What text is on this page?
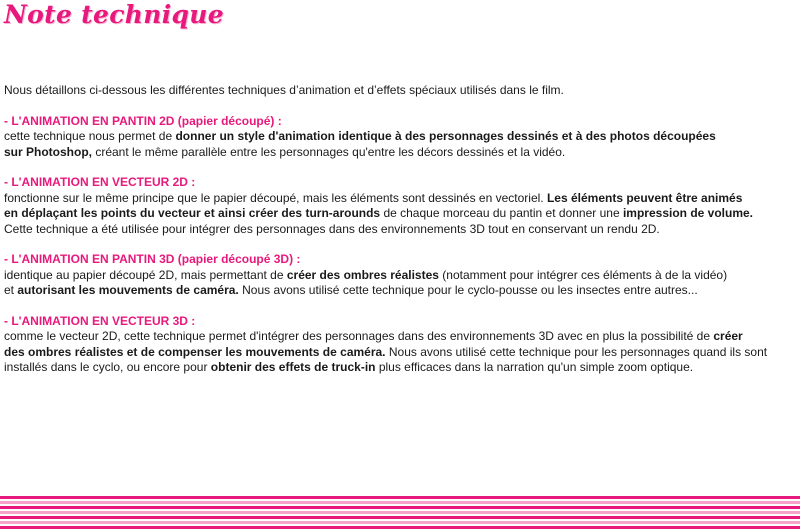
Note technique

Nous détaillons ci-dessous les différentes techniques d’animation et d’effets spéciaux utilisés dans le film.

- L'ANIMATION EN PANTIN 2D (papier découpé) :

cette technique nous permet de donner un style d'animation identique à des personnages dessinés et à des photos découpées

sur Photoshop, créant le même parallèle entre les personnages qu'entre les décors dessinés et la vidéo.

- L'ANIMATION EN VECTEUR 2D :

fonctionne sur le même principe que le papier découpé, mais les éléments sont dessinés en vectoriel. Les éléments peuvent être animés

en déplaçant les points du vecteur et ainsi créer des turn-arounds de chaque morceau du pantin et donner une impression de volume.

Cette technique a été utilisée pour intégrer des personnages dans des environnements 3D tout en conservant un rendu 2D.

- L'ANIMATION EN PANTIN 3D (papier découpé 3D) :

identique au papier découpé 2D, mais permettant de créer des ombres réalistes (notamment pour intégrer ces éléments à de la vidéo)

et autorisant les mouvements de caméra. Nous avons utilisé cette technique pour le cyclo-pousse ou les insectes entre autres...

- L'ANIMATION EN VECTEUR 3D :

comme le vecteur 2D, cette technique permet d'intégrer des personnages dans des environnements 3D avec en plus la possibilité de créer

des ombres réalistes et de compenser les mouvements de caméra. Nous avons utilisé cette technique pour les personnages quand ils sont

installés dans le cyclo, ou encore pour obtenir des effets de truck-in plus efficaces dans la narration qu'un simple zoom optique.
